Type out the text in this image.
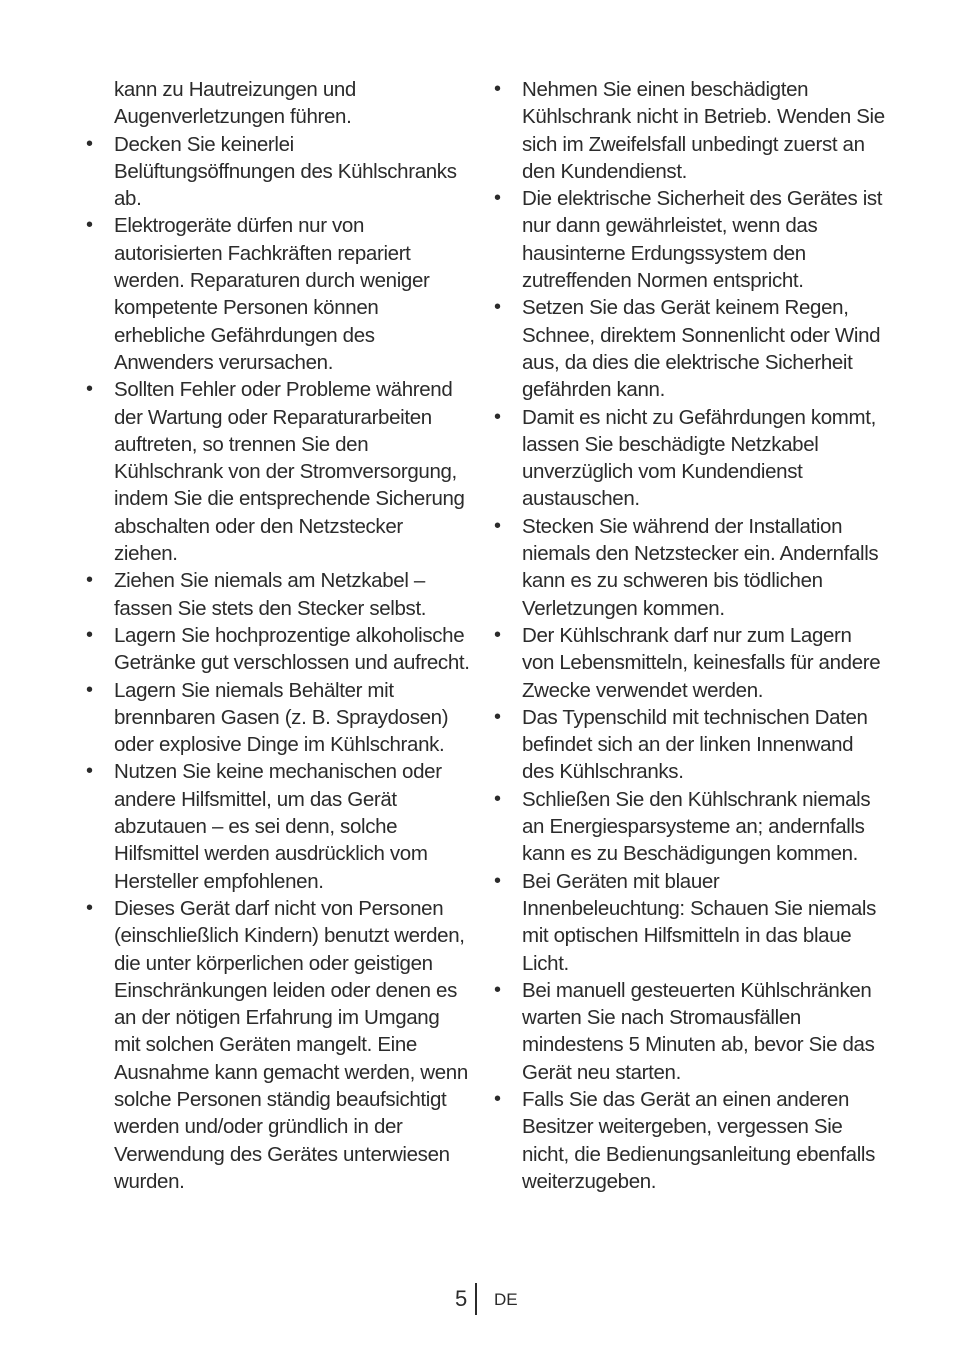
kann zu Hautreizungen und Augenverletzungen führen.

• Decken Sie keinerlei Belüftungsöffnungen des Kühlschranks ab.

• Elektrogeräte dürfen nur von autorisierten Fachkräften repariert werden. Reparaturen durch weniger kompetente Personen können erhebliche Gefährdungen des Anwenders verursachen.

• Sollten Fehler oder Probleme während der Wartung oder Reparaturarbeiten auftreten, so trennen Sie den Kühlschrank von der Stromversorgung, indem Sie die entsprechende Sicherung abschalten oder den Netzstecker ziehen.

• Ziehen Sie niemals am Netzkabel – fassen Sie stets den Stecker selbst.

• Lagern Sie hochprozentige alkoholische Getränke gut verschlossen und aufrecht.

• Lagern Sie niemals Behälter mit brennbaren Gasen (z. B. Spraydosen) oder explosive Dinge im Kühlschrank.

• Nutzen Sie keine mechanischen oder andere Hilfsmittel, um das Gerät abzutauen – es sei denn, solche Hilfsmittel werden ausdrücklich vom Hersteller empfohlenen.

• Dieses Gerät darf nicht von Personen (einschließlich Kindern) benutzt werden, die unter körperlichen oder geistigen Einschränkungen leiden oder denen es an der nötigen Erfahrung im Umgang mit solchen Geräten mangelt. Eine Ausnahme kann gemacht werden, wenn solche Personen ständig beaufsichtigt werden und/oder gründlich in der Verwendung des Gerätes unterwiesen wurden.

• Nehmen Sie einen beschädigten Kühlschrank nicht in Betrieb. Wenden Sie sich im Zweifelsfall unbedingt zuerst an den Kundendienst.

• Die elektrische Sicherheit des Gerätes ist nur dann gewährleistet, wenn das hausinterne Erdungssystem den zutreffenden Normen entspricht.

• Setzen Sie das Gerät keinem Regen, Schnee, direktem Sonnenlicht oder Wind aus, da dies die elektrische Sicherheit gefährden kann.

• Damit es nicht zu Gefährdungen kommt, lassen Sie beschädigte Netzkabel unverzüglich vom Kundendienst austauschen.

• Stecken Sie während der Installation niemals den Netzstecker ein. Andernfalls kann es zu schweren bis tödlichen Verletzungen kommen.

• Der Kühlschrank darf nur zum Lagern von Lebensmitteln, keinesfalls für andere Zwecke verwendet werden.

• Das Typenschild mit technischen Daten befindet sich an der linken Innenwand des Kühlschranks.

• Schließen Sie den Kühlschrank niemals an Energiesparsysteme an; andernfalls kann es zu Beschädigungen kommen.

• Bei Geräten mit blauer Innenbeleuchtung: Schauen Sie niemals mit optischen Hilfsmitteln in das blaue Licht.

• Bei manuell gesteuerten Kühlschränken warten Sie nach Stromausfällen mindestens 5 Minuten ab, bevor Sie das Gerät neu starten.

• Falls Sie das Gerät an einen anderen Besitzer weitergeben, vergessen Sie nicht, die Bedienungsanleitung ebenfalls weiterzugeben.

5 DE
